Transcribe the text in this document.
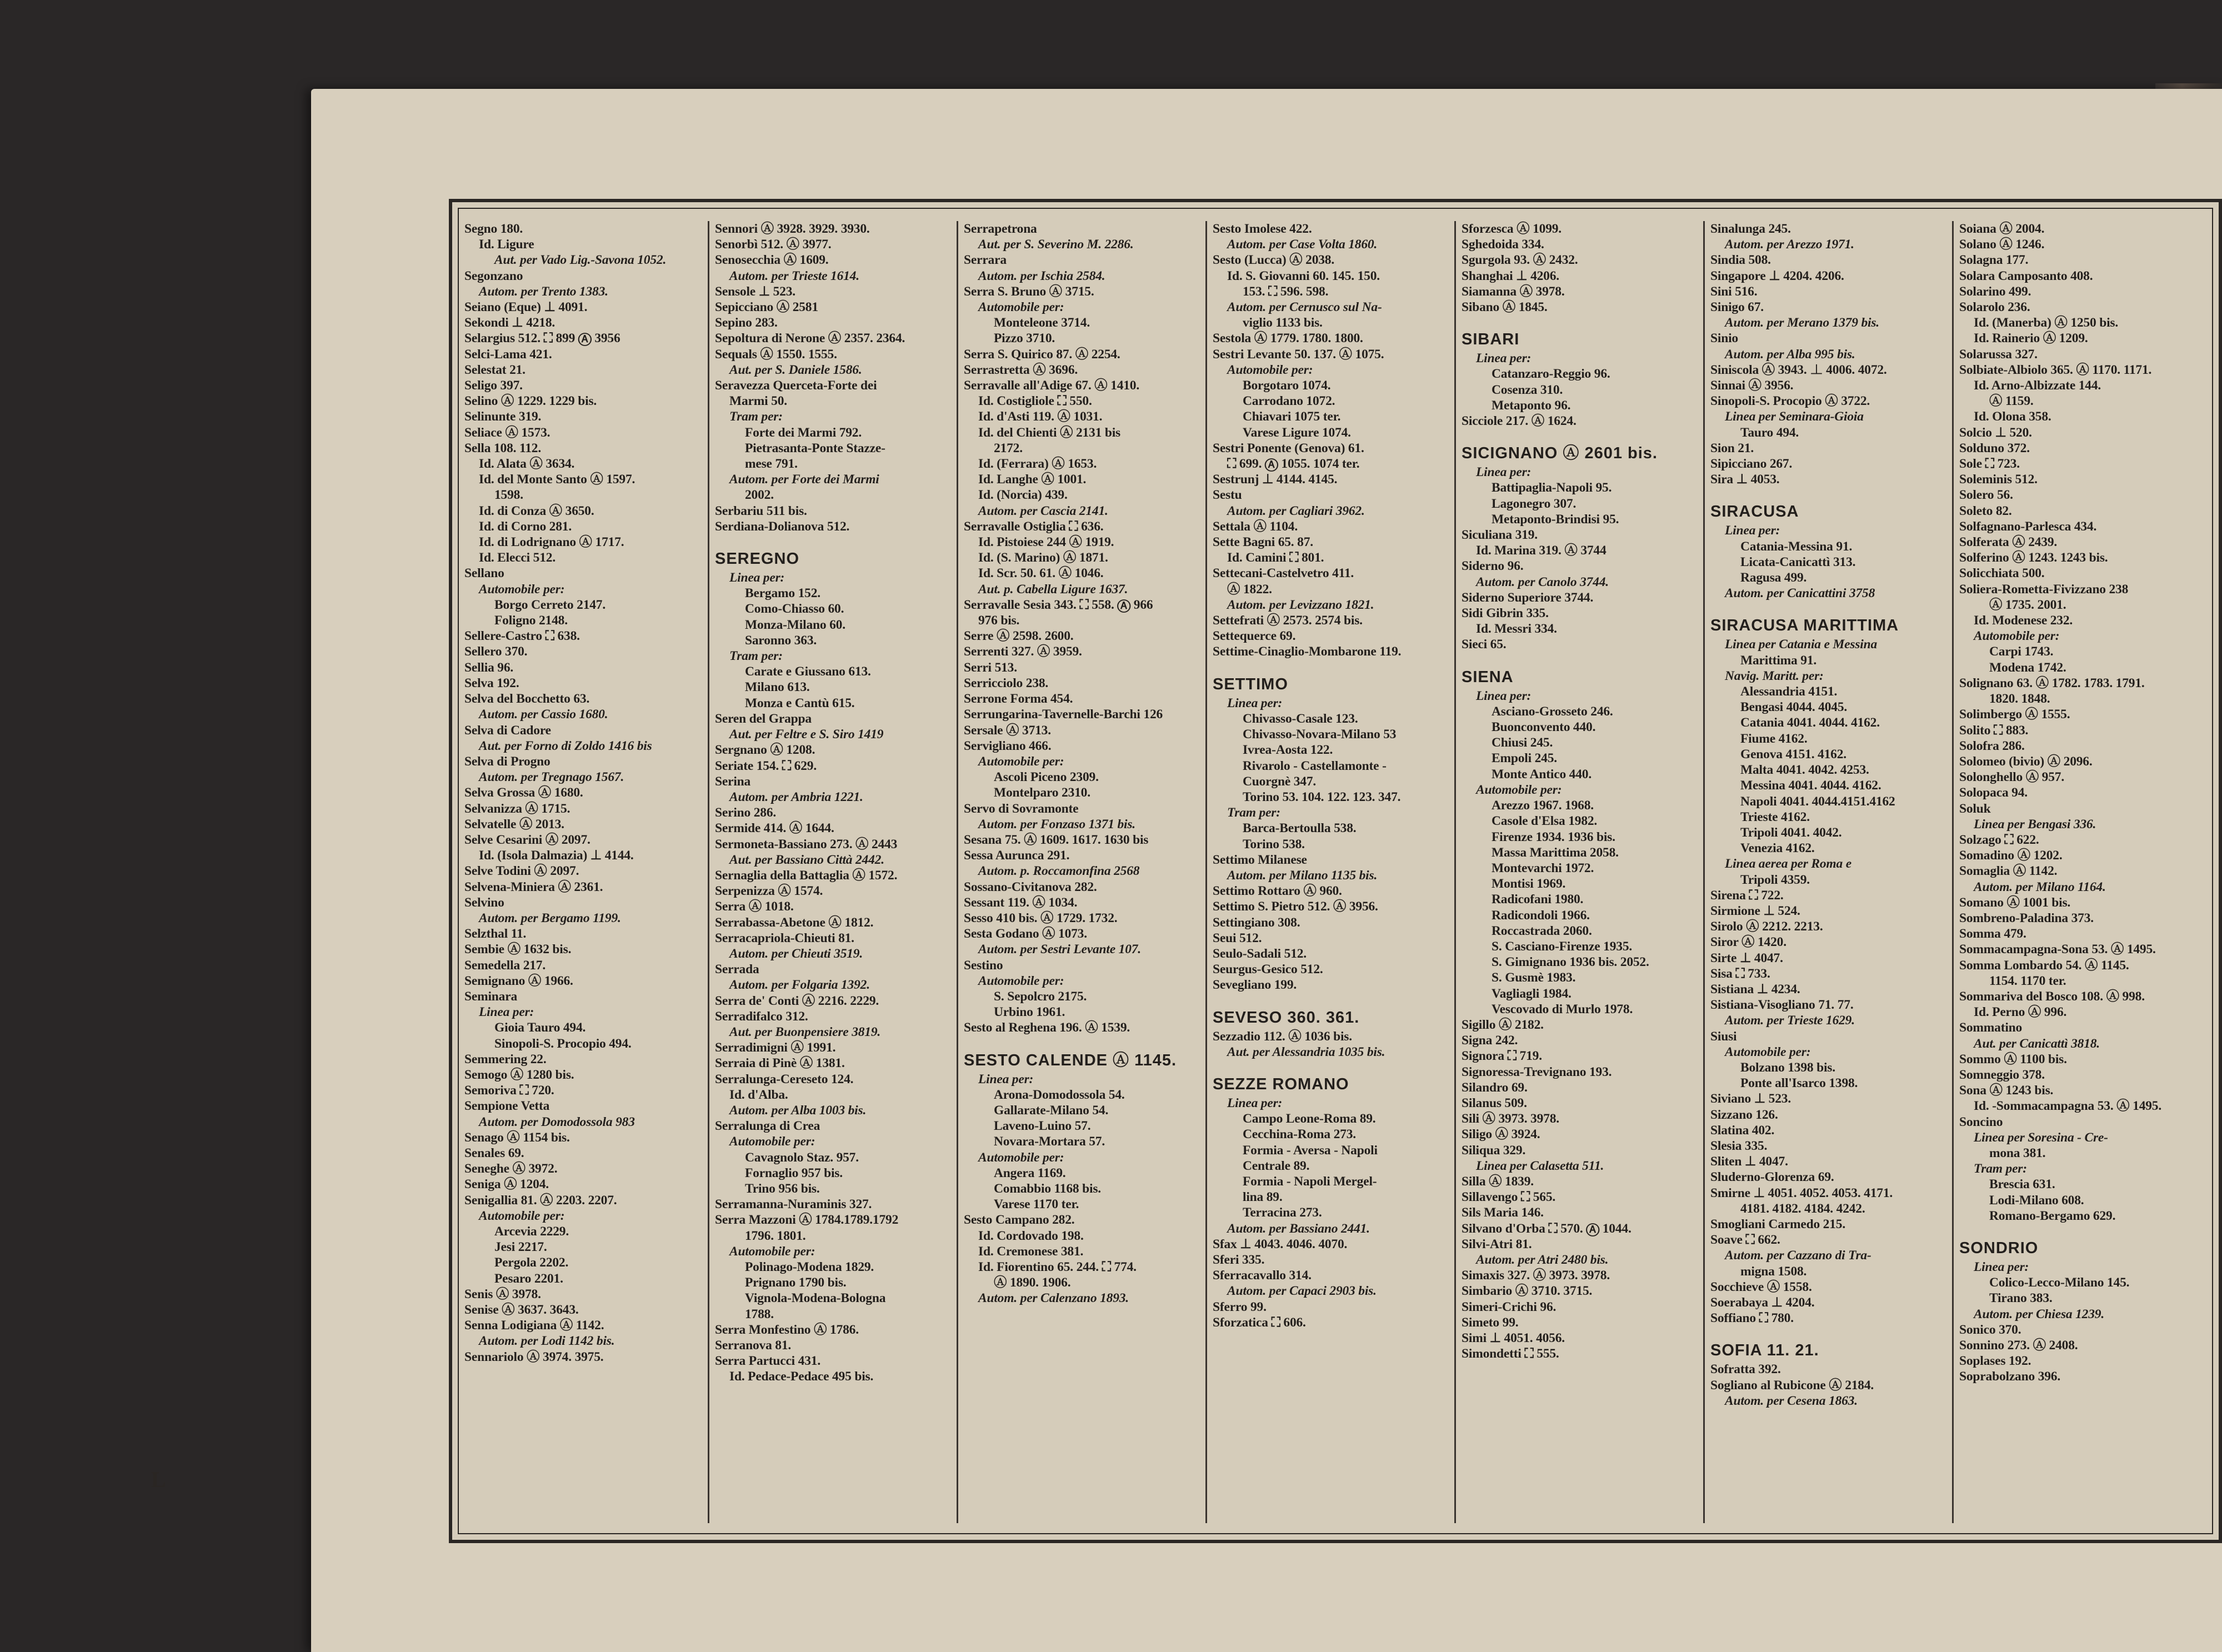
Segno 180.
Id. Ligure
Aut. per Vado Lig.-Savona 1052.
Segonzano
Autom. per Trento 1383.
Seiano (Eque) ⊥ 4091.
Sekondi ⊥ 4218.
Selargius 512. ⛶ 899 Ⓐ 3956
Selci-Lama 421.
Selestat 21.
Seligo 397.
Selino Ⓐ 1229. 1229 bis.
Selinunte 319.
Seliace Ⓐ 1573.
Sella 108. 112.
Id. Alata Ⓐ 3634.
Id. del Monte Santo Ⓐ 1597.
1598.
Id. di Conza Ⓐ 3650.
Id. di Corno 281.
Id. di Lodrignano Ⓐ 1717.
Id. Elecci 512.
Sellano
Automobile per:
Borgo Cerreto 2147.
Foligno 2148.
Sellere-Castro ⛶ 638.
Sellero 370.
Sellia 96.
Selva 192.
Selva del Bocchetto 63.
Autom. per Cassio 1680.
Selva di Cadore
Aut. per Forno di Zoldo 1416 bis
Selva di Progno
Autom. per Tregnago 1567.
Selva Grossa Ⓐ 1680.
Selvanizza Ⓐ 1715.
Selvatelle Ⓐ 2013.
Selve Cesarini Ⓐ 2097.
Id. (Isola Dalmazia) ⊥ 4144.
Selve Todini Ⓐ 2097.
Selvena-Miniera Ⓐ 2361.
Selvino
Autom. per Bergamo 1199.
Selzthal 11.
Sembie Ⓐ 1632 bis.
Semedella 217.
Semignano Ⓐ 1966.
Seminara
Linea per:
Gioia Tauro 494.
Sinopoli-S. Procopio 494.
Semmering 22.
Semogo Ⓐ 1280 bis.
Semoriva ⛶ 720.
Sempione Vetta
Autom. per Domodossola 983
Senago Ⓐ 1154 bis.
Senales 69.
Seneghe Ⓐ 3972.
Seniga Ⓐ 1204.
Senigallia 81. Ⓐ 2203. 2207.
Automobile per:
Arcevia 2229.
Jesi 2217.
Pergola 2202.
Pesaro 2201.
Senis Ⓐ 3978.
Senise Ⓐ 3637. 3643.
Senna Lodigiana Ⓐ 1142.
Autom. per Lodi 1142 bis.
Sennariolo Ⓐ 3974. 3975.
Sennori Ⓐ 3928. 3929. 3930.
Senorbì 512. Ⓐ 3977.
Senosecchia Ⓐ 1609.
Autom. per Trieste 1614.
Sensole ⊥ 523.
Sepicciano Ⓐ 2581
Sepino 283.
Sepoltura di Nerone Ⓐ 2357. 2364.
Sequals Ⓐ 1550. 1555.
Aut. per S. Daniele 1586.
Seravezza Querceta-Forte dei
Marmi 50.
Tram per:
Forte dei Marmi 792.
Pietrasanta-Ponte Stazze-
mese 791.
Autom. per Forte dei Marmi
2002.
Serbariu 511 bis.
Serdiana-Dolianova 512.
SEREGNO
Linea per:
Bergamo 152.
Como-Chiasso 60.
Monza-Milano 60.
Saronno 363.
Tram per:
Carate e Giussano 613.
Milano 613.
Monza e Cantù 615.
Seren del Grappa
Aut. per Feltre e S. Siro 1419
Sergnano Ⓐ 1208.
Seriate 154. ⛶ 629.
Serina
Autom. per Ambria 1221.
Serino 286.
Sermide 414. Ⓐ 1644.
Sermoneta-Bassiano 273. Ⓐ 2443
Aut. per Bassiano Città 2442.
Sernaglia della Battaglia Ⓐ 1572.
Serpenizza Ⓐ 1574.
Serra Ⓐ 1018.
Serrabassa-Abetone Ⓐ 1812.
Serracapriola-Chieuti 81.
Autom. per Chieuti 3519.
Serrada
Autom. per Folgaria 1392.
Serra de' Conti Ⓐ 2216. 2229.
Serradifalco 312.
Aut. per Buonpensiere 3819.
Serradimigni Ⓐ 1991.
Serraia di Pinè Ⓐ 1381.
Serralunga-Cereseto 124.
Id. d'Alba.
Autom. per Alba 1003 bis.
Serralunga di Crea
Automobile per:
Cavagnolo Staz. 957.
Fornaglio 957 bis.
Trino 956 bis.
Serramanna-Nuraminis 327.
Serra Mazzoni Ⓐ 1784.1789.1792
1796. 1801.
Automobile per:
Polinago-Modena 1829.
Prignano 1790 bis.
Vignola-Modena-Bologna
1788.
Serra Monfestino Ⓐ 1786.
Serranova 81.
Serra Partucci 431.
Id. Pedace-Pedace 495 bis.
Serrapetrona
Aut. per S. Severino M. 2286.
Serrara
Autom. per Ischia 2584.
Serra S. Bruno Ⓐ 3715.
Automobile per:
Monteleone 3714.
Pizzo 3710.
Serra S. Quirico 87. Ⓐ 2254.
Serrastretta Ⓐ 3696.
Serravalle all'Adige 67. Ⓐ 1410.
Id. Costigliole ⛶ 550.
Id. d'Asti 119. Ⓐ 1031.
Id. del Chienti Ⓐ 2131 bis
2172.
Id. (Ferrara) Ⓐ 1653.
Id. Langhe Ⓐ 1001.
Id. (Norcia) 439.
Autom. per Cascia 2141.
Serravalle Ostiglia ⛶ 636.
Id. Pistoiese 244 Ⓐ 1919.
Id. (S. Marino) Ⓐ 1871.
Id. Scr. 50. 61. Ⓐ 1046.
Aut. p. Cabella Ligure 1637.
Serravalle Sesia 343. ⛶ 558. Ⓐ 966
976 bis.
Serre Ⓐ 2598. 2600.
Serrenti 327. Ⓐ 3959.
Serri 513.
Serricciolo 238.
Serrone Forma 454.
Serrungarina-Tavernelle-Barchi 126
Sersale Ⓐ 3713.
Servigliano 466.
Automobile per:
Ascoli Piceno 2309.
Montelparo 2310.
Servo di Sovramonte
Autom. per Fonzaso 1371 bis.
Sesana 75. Ⓐ 1609. 1617. 1630 bis
Sessa Aurunca 291.
Autom. p. Roccamonfina 2568
Sossano-Civitanova 282.
Sessant 119. Ⓐ 1034.
Sesso 410 bis. Ⓐ 1729. 1732.
Sesta Godano Ⓐ 1073.
Autom. per Sestri Levante 107.
Sestino
Automobile per:
S. Sepolcro 2175.
Urbino 1961.
Sesto al Reghena 196. Ⓐ 1539.
SESTO CALENDE Ⓐ 1145.
Linea per:
Arona-Domodossola 54.
Gallarate-Milano 54.
Laveno-Luino 57.
Novara-Mortara 57.
Automobile per:
Angera 1169.
Comabbio 1168 bis.
Varese 1170 ter.
Sesto Campano 282.
Id. Cordovado 198.
Id. Cremonese 381.
Id. Fiorentino 65. 244. ⛶ 774.
Ⓐ 1890. 1906.
Autom. per Calenzano 1893.
Sesto Imolese 422.
Autom. per Case Volta 1860.
Sesto (Lucca) Ⓐ 2038.
Id. S. Giovanni 60. 145. 150.
153. ⛶ 596. 598.
Autom. per Cernusco sul Na-
viglio 1133 bis.
Sestola Ⓐ 1779. 1780. 1800.
Sestri Levante 50. 137. Ⓐ 1075.
Automobile per:
Borgotaro 1074.
Carrodano 1072.
Chiavari 1075 ter.
Varese Ligure 1074.
Sestri Ponente (Genova) 61.
⛶ 699. Ⓐ 1055. 1074 ter.
Sestrunj ⊥ 4144. 4145.
Sestu
Autom. per Cagliari 3962.
Settala Ⓐ 1104.
Sette Bagni 65. 87.
Id. Camini ⛶ 801.
Settecani-Castelvetro 411.
Ⓐ 1822.
Autom. per Levizzano 1821.
Settefrati Ⓐ 2573. 2574 bis.
Settequerce 69.
Settime-Cinaglio-Mombarone 119.
SETTIMO
Linea per:
Chivasso-Casale 123.
Chivasso-Novara-Milano 53
Ivrea-Aosta 122.
Rivarolo - Castellamonte -
Cuorgnè 347.
Torino 53. 104. 122. 123. 347.
Tram per:
Barca-Bertoulla 538.
Torino 538.
Settimo Milanese
Autom. per Milano 1135 bis.
Settimo Rottaro Ⓐ 960.
Settimo S. Pietro 512. Ⓐ 3956.
Settingiano 308.
Seui 512.
Seulo-Sadali 512.
Seurgus-Gesico 512.
Sevegliano 199.
SEVESO 360. 361.
Sezzadio 112. Ⓐ 1036 bis.
Aut. per Alessandria 1035 bis.
SEZZE ROMANO
Linea per:
Campo Leone-Roma 89.
Cecchina-Roma 273.
Formia - Aversa - Napoli
Centrale 89.
Formia - Napoli Mergel-
lina 89.
Terracina 273.
Autom. per Bassiano 2441.
Sfax ⊥ 4043. 4046. 4070.
Sferi 335.
Sferracavallo 314.
Autom. per Capaci 2903 bis.
Sferro 99.
Sforzatica ⛶ 606.
Sforzesca Ⓐ 1099.
Sghedoida 334.
Sgurgola 93. Ⓐ 2432.
Shanghai ⊥ 4206.
Siamanna Ⓐ 3978.
Sibano Ⓐ 1845.
SIBARI
Linea per:
Catanzaro-Reggio 96.
Cosenza 310.
Metaponto 96.
Sicciole 217. Ⓐ 1624.
SICIGNANO Ⓐ 2601 bis.
Linea per:
Battipaglia-Napoli 95.
Lagonegro 307.
Metaponto-Brindisi 95.
Siculiana 319.
Id. Marina 319. Ⓐ 3744
Siderno 96.
Autom. per Canolo 3744.
Siderno Superiore 3744.
Sidi Gibrin 335.
Id. Messri 334.
Sieci 65.
SIENA
Linea per:
Asciano-Grosseto 246.
Buonconvento 440.
Chiusi 245.
Empoli 245.
Monte Antico 440.
Automobile per:
Arezzo 1967. 1968.
Casole d'Elsa 1982.
Firenze 1934. 1936 bis.
Massa Marittima 2058.
Montevarchi 1972.
Montisi 1969.
Radicofani 1980.
Radicondoli 1966.
Roccastrada 2060.
S. Casciano-Firenze 1935.
S. Gimignano 1936 bis. 2052.
S. Gusmè 1983.
Vagliagli 1984.
Vescovado di Murlo 1978.
Sigillo Ⓐ 2182.
Signa 242.
Signora ⛶ 719.
Signoressa-Trevignano 193.
Silandro 69.
Silanus 509.
Sili Ⓐ 3973. 3978.
Siligo Ⓐ 3924.
Siliqua 329.
Linea per Calasetta 511.
Silla Ⓐ 1839.
Sillavengo ⛶ 565.
Sils Maria 146.
Silvano d'Orba ⛶ 570. Ⓐ 1044.
Silvi-Atri 81.
Autom. per Atri 2480 bis.
Simaxis 327. Ⓐ 3973. 3978.
Simbario Ⓐ 3710. 3715.
Simeri-Crichi 96.
Simeto 99.
Simi ⊥ 4051. 4056.
Simondetti ⛶ 555.
Sinalunga 245.
Autom. per Arezzo 1971.
Sindia 508.
Singapore ⊥ 4204. 4206.
Sini 516.
Sinigo 67.
Autom. per Merano 1379 bis.
Sinio
Autom. per Alba 995 bis.
Siniscola Ⓐ 3943. ⊥ 4006. 4072.
Sinnai Ⓐ 3956.
Sinopoli-S. Procopio Ⓐ 3722.
Linea per Seminara-Gioia
Tauro 494.
Sion 21.
Sipicciano 267.
Sira ⊥ 4053.
SIRACUSA
Linea per:
Catania-Messina 91.
Licata-Canicattì 313.
Ragusa 499.
Autom. per Canicattini 3758
SIRACUSA MARITTIMA
Linea per Catania e Messina
Marittima 91.
Navig. Maritt. per:
Alessandria 4151.
Bengasi 4044. 4045.
Catania 4041. 4044. 4162.
Fiume 4162.
Genova 4151. 4162.
Malta 4041. 4042. 4253.
Messina 4041. 4044. 4162.
Napoli 4041. 4044.4151.4162
Trieste 4162.
Tripoli 4041. 4042.
Venezia 4162.
Linea aerea per Roma e
Tripoli 4359.
Sirena ⛶ 722.
Sirmione ⊥ 524.
Sirolo Ⓐ 2212. 2213.
Siror Ⓐ 1420.
Sirte ⊥ 4047.
Sisa ⛶ 733.
Sistiana ⊥ 4234.
Sistiana-Visogliano 71. 77.
Autom. per Trieste 1629.
Siusi
Automobile per:
Bolzano 1398 bis.
Ponte all'Isarco 1398.
Siviano ⊥ 523.
Sizzano 126.
Slatina 402.
Slesia 335.
Sliten ⊥ 4047.
Sluderno-Glorenza 69.
Smirne ⊥ 4051. 4052. 4053. 4171.
4181. 4182. 4184. 4242.
Smogliani Carmedo 215.
Soave ⛶ 662.
Autom. per Cazzano di Tra-
migna 1508.
Socchieve Ⓐ 1558.
Soerabaya ⊥ 4204.
Soffiano ⛶ 780.
SOFIA 11. 21.
Sofratta 392.
Sogliano al Rubicone Ⓐ 2184.
Autom. per Cesena 1863.
Soiana Ⓐ 2004.
Solano Ⓐ 1246.
Solagna 177.
Solara Camposanto 408.
Solarino 499.
Solarolo 236.
Id. (Manerba) Ⓐ 1250 bis.
Id. Rainerio Ⓐ 1209.
Solarussa 327.
Solbiate-Albiolo 365. Ⓐ 1170. 1171.
Id. Arno-Albizzate 144.
Ⓐ 1159.
Id. Olona 358.
Solcio ⊥ 520.
Solduno 372.
Sole ⛶ 723.
Soleminis 512.
Solero 56.
Soleto 82.
Solfagnano-Parlesca 434.
Solferata Ⓐ 2439.
Solferino Ⓐ 1243. 1243 bis.
Solicchiata 500.
Soliera-Rometta-Fivizzano 238
Ⓐ 1735. 2001.
Id. Modenese 232.
Automobile per:
Carpi 1743.
Modena 1742.
Solignano 63. Ⓐ 1782. 1783. 1791.
1820. 1848.
Solimbergo Ⓐ 1555.
Solito ⛶ 883.
Solofra 286.
Solomeo (bivio) Ⓐ 2096.
Solonghello Ⓐ 957.
Solopaca 94.
Soluk
Linea per Bengasi 336.
Solzago ⛶ 622.
Somadino Ⓐ 1202.
Somaglia Ⓐ 1142.
Autom. per Milano 1164.
Somano Ⓐ 1001 bis.
Sombreno-Paladina 373.
Somma 479.
Sommacampagna-Sona 53. Ⓐ 1495.
Somma Lombardo 54. Ⓐ 1145.
1154. 1170 ter.
Sommariva del Bosco 108. Ⓐ 998.
Id. Perno Ⓐ 996.
Sommatino
Aut. per Canicattì 3818.
Sommo Ⓐ 1100 bis.
Somneggio 378.
Sona Ⓐ 1243 bis.
Id. -Sommacampagna 53. Ⓐ 1495.
Soncino
Linea per Soresina - Cre-
mona 381.
Tram per:
Brescia 631.
Lodi-Milano 608.
Romano-Bergamo 629.
SONDRIO
Linea per:
Colico-Lecco-Milano 145.
Tirano 383.
Autom. per Chiesa 1239.
Sonico 370.
Sonnino 273. Ⓐ 2408.
Soplases 192.
Soprabolzano 396.
L
